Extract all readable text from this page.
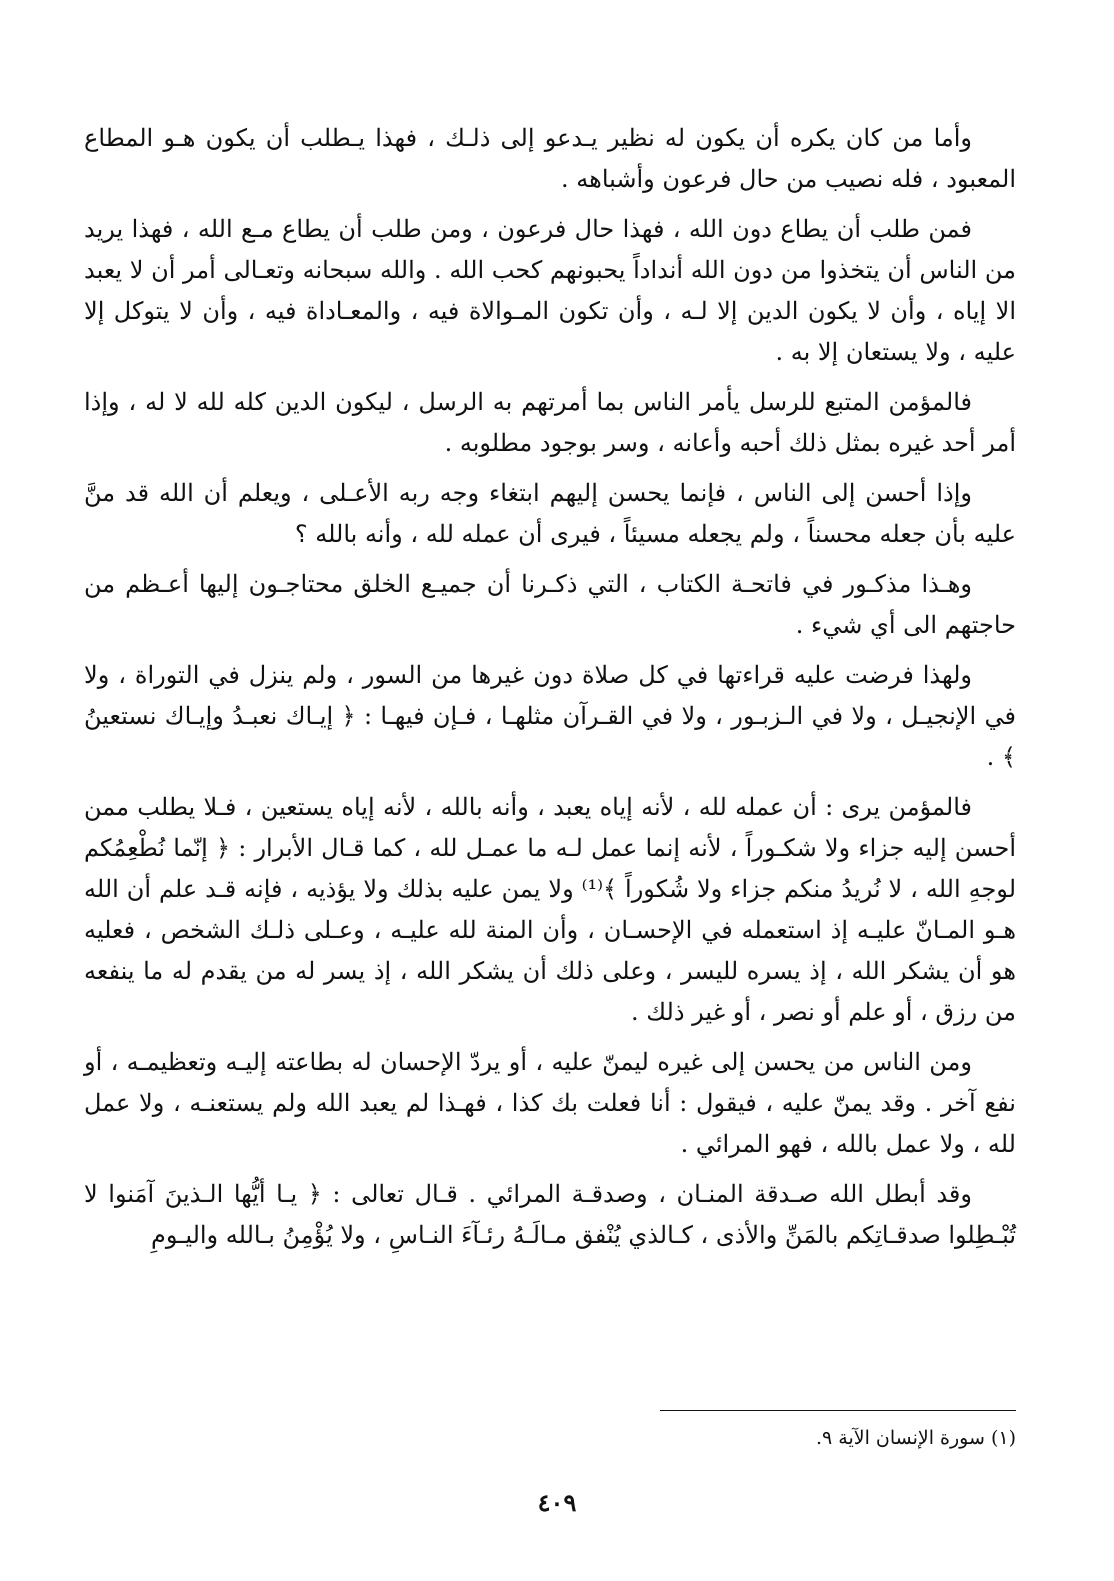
وأما من كان يكره أن يكون له نظير يـدعو إلى ذلـك ، فهذا يـطلب أن يكون هـو المطاع المعبود ، فله نصيب من حال فرعون وأشباهه .

فمن طلب أن يطاع دون الله ، فهذا حال فرعون ، ومن طلب أن يطاع مـع الله ، فهذا يريد من الناس أن يتخذوا من دون الله أنداداً يحبونهم كحب الله . والله سبحانه وتعـالى أمر أن لا يعبد الا إياه ، وأن لا يكون الدين إلا لـه ، وأن تكون المـوالاة فيه ، والمعـاداة فيه ، وأن لا يتوكل إلا عليه ، ولا يستعان إلا به .

فالمؤمن المتبع للرسل يأمر الناس بما أمرتهم به الرسل ، ليكون الدين كله لله لا له ، وإذا أمر أحد غيره بمثل ذلك أحبه وأعانه ، وسر بوجود مطلوبه .

وإذا أحسن إلى الناس ، فإنما يحسن إليهم ابتغاء وجه ربه الأعـلى ، ويعلم أن الله قد منَّ عليه بأن جعله محسناً ، ولم يجعله مسيئاً ، فيرى أن عمله لله ، وأنه بالله ؟

وهـذا مذكـور في فاتحـة الكتاب ، التي ذكـرنا أن جميـع الخلق محتاجـون إليها أعـظم من حاجتهم الى أي شيء .

ولهذا فرضت عليه قراءتها في كل صلاة دون غيرها من السور ، ولم ينزل في التوراة ، ولا في الإنجيـل ، ولا في الـزبـور ، ولا في القـرآن مثلهـا ، فـإن فيهـا : ﴿ إيـاك نعبـدُ وإيـاك نستعينُ ﴾ .

فالمؤمن يرى : أن عمله لله ، لأنه إياه يعبد ، وأنه بالله ، لأنه إياه يستعين ، فـلا يطلب ممن أحسن إليه جزاء ولا شكـوراً ، لأنه إنما عمل لـه ما عمـل لله ، كما قـال الأبرار : ﴿ إنّما نُطْعِمُكم لوجهِ الله ، لا نُريدُ منكم جزاء ولا شُكوراً ﴾⁽¹⁾ ولا يمن عليه بذلك ولا يؤذيه ، فإنه قـد علم أن الله هـو المـانّ عليـه إذ استعمله في الإحسـان ، وأن المنة لله عليـه ، وعـلى ذلـك الشخص ، فعليه هو أن يشكر الله ، إذ يسره لليسر ، وعلى ذلك أن يشكر الله ، إذ يسر له من يقدم له ما ينفعه من رزق ، أو علم أو نصر ، أو غير ذلك .

ومن الناس من يحسن إلى غيره ليمنّ عليه ، أو يردّ الإحسان له بطاعته إليـه وتعظيمـه ، أو نفع آخر . وقد يمنّ عليه ، فيقول : أنا فعلت بك كذا ، فهـذا لم يعبد الله ولم يستعنـه ، ولا عمل لله ، ولا عمل بالله ، فهو المرائي .

وقد أبطل الله صـدقة المنـان ، وصدقـة المرائي . قـال تعالى : ﴿ يـا أيُّها الـذينَ آمَنوا لا تُبْـطِلوا صدقـاتِكم بالمَنِّ والأذى ، كـالذي يُنْفق مـالَـهُ رئـآءَ النـاسِ ، ولا يُؤْمِنُ بـالله واليـومِ

(١) سورة الإنسان الآية ٩.
٤٠٩
